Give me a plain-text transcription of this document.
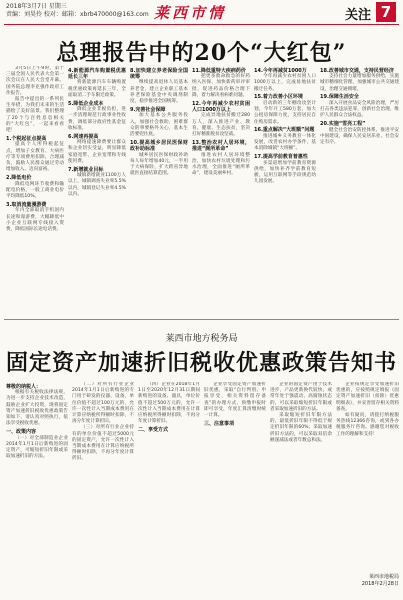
2018年3月7日 星期三
责编：刘昊伶 校对： 邮箱：xbrb470000@163.com 莱西市情	关注 7
总理报告中的20个“大红包”

3月5日上午9时，第十三届全国人民代表大会第一次会议在人民大会堂开幕。国务院总理李克强作政府工作报告。

报告中提出的一系列民生举措，为我们未来的生活描绘了美好前景。我们整理了20个与百姓息息相关的“大红包”，一起来看看吧！

1.个税起征点提高

提高个人所得税起征点，增加子女教育、大病医疗等专项费用扣除，合理减负，鼓励人民群众通过劳动增加收入、迈向富裕。

2.降低电价

降低电网环节收费和输配电价格，一般工商业电价平均降低10%。

3.取消流量漫游费

年内全部取消手机国内长途和漫游费，大幅降低中小企业互联网专线接入资费，降低国际长途电话费。

4.新能源汽车购置税优惠延长三年

将新能源汽车车辆购置税优惠政策再延长三年，全面取消二手车限迁政策。

5.降低企业成本

降低企业非税负担，进一步清理规范行政事业性收费，调低部分政府性基金征收标准。

6.网速再提高

网络提速降费要让群众和企业切实受益，明显降低家庭宽带、企业宽带和专线使用费。

7.新增就业目标

城镇新增就业1100万人以上，城镇调查失业率5.5%以内，城镇登记失业率4.5%以内。

8.加快建立养老保险全国统筹

继续提高退休人员基本养老金，建立企业职工基本养老保险基金中央调剂制度，稳步推进全国统筹。

9.完善社会保障

加大基本公共服务投入，加强社会救助，困难群众的事要格外关心，基本生活要兜住底。

10.提高城乡居民医保财政补助标准

城乡居民医保财政补助每人每年增加40元，一半用于大病保险，扩大跨省异地就医直接结算范围。

11.降低重特大疾病药价

把更多救命救急的好药纳入医保，加快新药审评审批，促进药品价格合理下降，着力解决看病难问题。

12.今年再减少农村贫困人口1000万以上

完成异地扶贫搬迁280万人，深入推进产业、教育、健康、生态扶贫，坚决打好精准脱贫攻坚战。

13.整治农村人居环境，推进“厕所革命”

推进农村人居环境整治，加快农村垃圾处理和污水治理，全面推进“厕所革命”，建设美丽乡村。

14.今年再减贫1000万

今年再减少农村贫困人口1000万以上，完成易地扶贫搬迁任务。

15.着力改善小区环境

启动新的三年棚改攻坚计划，今年开工580万套，加大公租房保障力度，支持居民自住购房需求。

16.重点解决“大班额”问题

推进城乡义务教育一体化发展，改善农村办学条件，基本消除城镇“大班额”。

17.提高学前教育普惠性

多渠道增加学前教育资源供给，加快补齐学前教育短板，运用互联网等手段规范幼儿园发展。

18.改善城市交通，支持民营经济

支持社会力量增加服务供给，实施城市精细化管理，加强城市公共交通建设，治理交通拥堵。

19.保障生活安全

深入开展食品安全风险治理，严厉打击各类违法犯罪，创新社会治理，维护人民群众合法权益。

20.实施“雪亮工程”

健全社会治安防控体系，推进平安中国建设，确保人民安居乐业、社会安定有序。

莱西市地方税务局
固定资产加速折旧税收优惠政策告知书
尊敬的纳税人：

根据有关税收法律法规，为进一步支持企业技术改造，鼓励企业扩大投资，现将固定资产加速折旧税收优惠政策告知如下，请认真对照执行，依法享受税收优惠。

一、政策内容

（一）对全部制造业企业2014年1月1日后新购进的固定资产，可缩短折旧年限或采取加速折旧的方法。

（二）对所有行业企业2014年1月1日后新购进的专门用于研发的仪器、设备，单位价值不超过100万元的，允许一次性计入当期成本费用在计算应纳税所得额时扣除，不再分年度计算折旧。

（三）对所有行业企业持有的单位价值不超过5000元的固定资产，允许一次性计入当期成本费用在计算应纳税所得额时扣除，不再分年度计算折旧。

（四）企业在2018年1月1日至2020年12月31日期间新购进的设备、器具，单位价值不超过500万元的，允许一次性计入当期成本费用在计算应纳税所得额时扣除，不再分年度计算折旧。

二、享受方式

企业享受固定资产加速折旧优惠，采取“自行判别、申报享受、相关资料留存备查”的办理方式，预缴申报时即可享受，年度汇算清缴时统一计算。

三、注意事项

企业的固定资产由于技术进步，产品更新换代较快，或常年处于强震动、高腐蚀状态的，可以采取缩短折旧年限或者采取加速折旧的方法。

采取缩短折旧年限方法的，最低折旧年限不得低于规定折旧年限的60%；采取加速折旧方法的，可以采取双倍余额递减法或者年数总和法。

企业按规定享受加速折旧优惠的，应按照规定填报《固定资产加速折旧（扣除）优惠明细表》，并妥善留存相关资料备查。

如有疑问，请拨打纳税服务热线12366咨询，或到各办税服务厅咨询。感谢您对税收工作的理解和支持！

莱西市地税局
2018年2月28日
